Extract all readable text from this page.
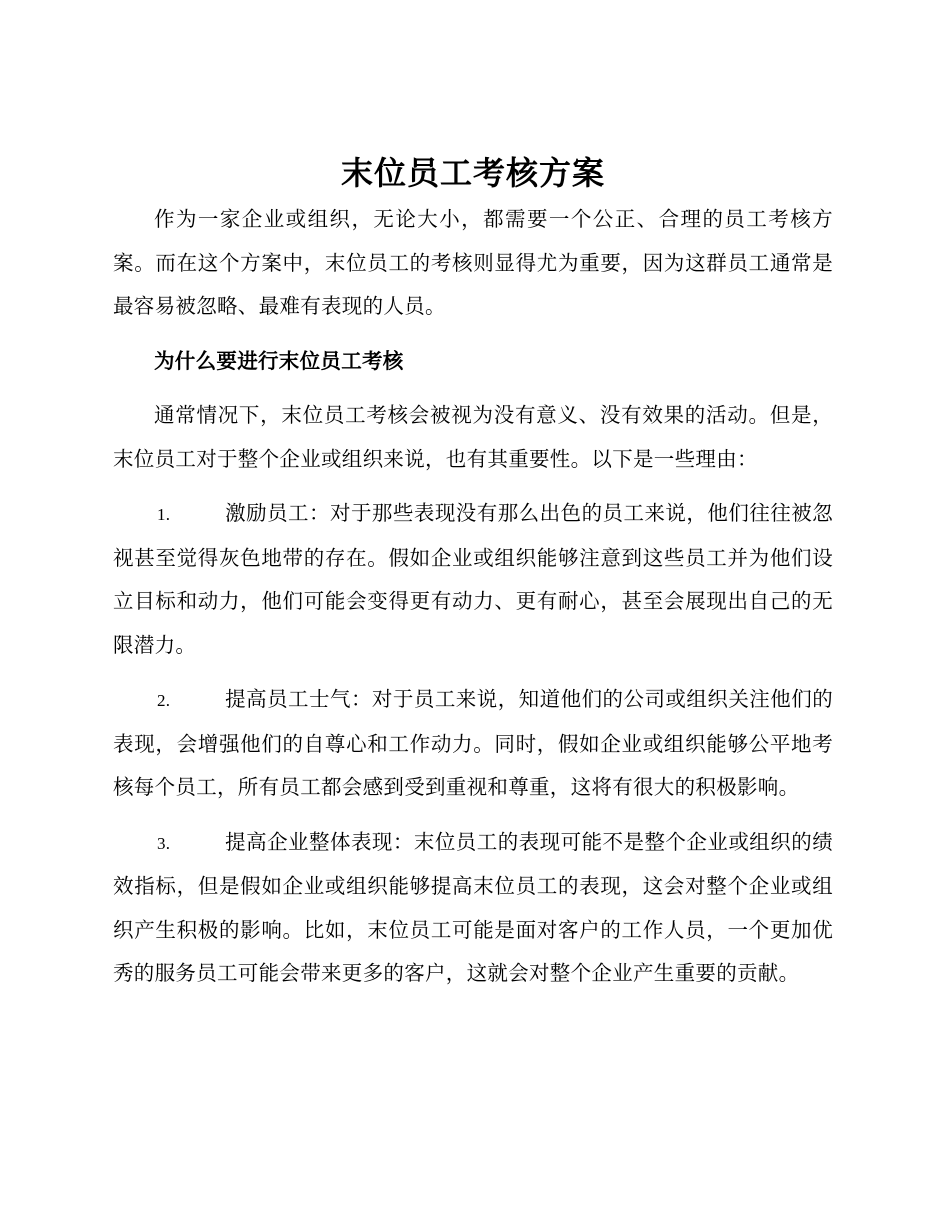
末位员工考核方案

作为一家企业或组织，无论大小，都需要一个公正、合理的员工考核方案。而在这个方案中，末位员工的考核则显得尤为重要，因为这群员工通常是最容易被忽略、最难有表现的人员。

为什么要进行末位员工考核

通常情况下，末位员工考核会被视为没有意义、没有效果的活动。但是，末位员工对于整个企业或组织来说，也有其重要性。以下是一些理由：

1.	激励员工：对于那些表现没有那么出色的员工来说，他们往往被忽视甚至觉得灰色地带的存在。假如企业或组织能够注意到这些员工并为他们设立目标和动力，他们可能会变得更有动力、更有耐心，甚至会展现出自己的无限潜力。

2.	提高员工士气：对于员工来说，知道他们的公司或组织关注他们的表现，会增强他们的自尊心和工作动力。同时，假如企业或组织能够公平地考核每个员工，所有员工都会感到受到重视和尊重，这将有很大的积极影响。

3.	提高企业整体表现：末位员工的表现可能不是整个企业或组织的绩效指标，但是假如企业或组织能够提高末位员工的表现，这会对整个企业或组织产生积极的影响。比如，末位员工可能是面对客户的工作人员，一个更加优秀的服务员工可能会带来更多的客户，这就会对整个企业产生重要的贡献。
